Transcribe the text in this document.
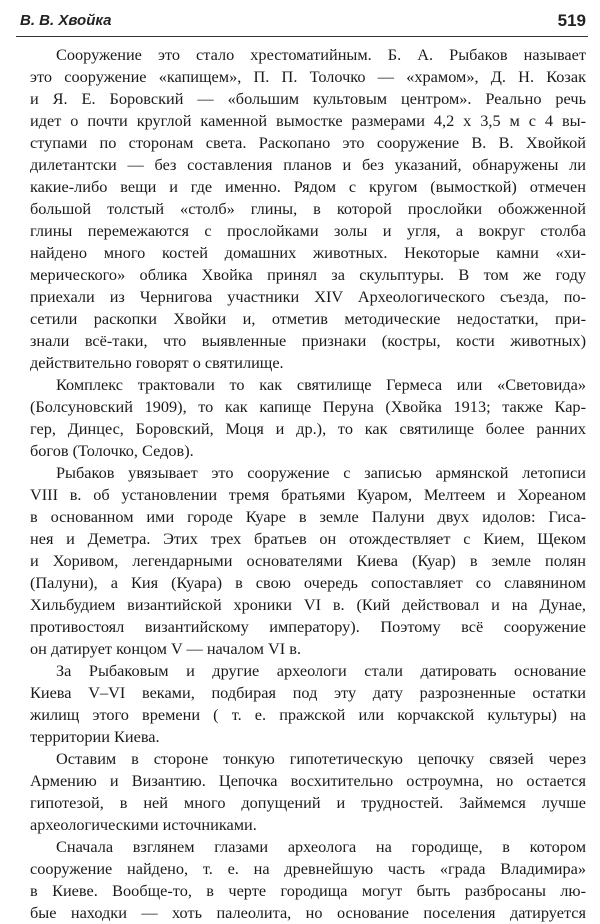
В. В. Хвойка	519
Сооружение это стало хрестоматийным. Б. А. Рыбаков называет
это сооружение «капищем», П. П. Толочко — «храмом», Д. Н. Козак
и Я. Е. Боровский — «большим культовым центром». Реально речь
идет о почти круглой каменной вымостке размерами 4,2 х 3,5 м с 4 вы-
ступами по сторонам света. Раскопано это сооружение В. В. Хвойкой
дилетантски — без составления планов и без указаний, обнаружены ли
какие-либо вещи и где именно. Рядом с кругом (вымосткой) отмечен
большой толстый «столб» глины, в которой прослойки обожженной
глины перемежаются с прослойками золы и угля, а вокруг столба
найдено много костей домашних животных. Некоторые камни «хи-
мерического» облика Хвойка принял за скульптуры. В том же году
приехали из Чернигова участники XIV Археологического съезда, по-
сетили раскопки Хвойки и, отметив методические недостатки, при-
знали всё-таки, что выявленные признаки (костры, кости животных)
действительно говорят о святилище.
Комплекс трактовали то как святилище Гермеса или «Световида»
(Болсуновский 1909), то как капище Перуна (Хвойка 1913; также Кар-
гер, Динцес, Боровский, Моця и др.), то как святилище более ранних
богов (Толочко, Седов).
Рыбаков увязывает это сооружение с записью армянской летописи
VIII в. об установлении тремя братьями Куаром, Мелтеем и Хореаном
в основанном ими городе Куаре в земле Палуни двух идолов: Гиса-
нея и Деметра. Этих трех братьев он отождествляет с Кием, Щеком
и Хоривом, легендарными основателями Киева (Куар) в земле полян
(Палуни), а Кия (Куара) в свою очередь сопоставляет со славянином
Хильбудием византийской хроники VI в. (Кий действовал и на Дунае,
противостоял византийскому императору). Поэтому всё сооружение
он датирует концом V — началом VI в.
За Рыбаковым и другие археологи стали датировать основание
Киева V–VI веками, подбирая под эту дату разрозненные остатки
жилищ этого времени ( т. е. пражской или корчакской культуры) на
территории Киева.
Оставим в стороне тонкую гипотетическую цепочку связей через
Армению и Византию. Цепочка восхитительно остроумна, но остается
гипотезой, в ней много допущений и трудностей. Займемся лучше
археологическими источниками.
Сначала взглянем глазами археолога на городище, в котором
сооружение найдено, т. е. на древнейшую часть «града Владимира»
в Киеве. Вообще-то, в черте городища могут быть разбросаны лю-
бые находки — хоть палеолита, но основание поселения датируется
